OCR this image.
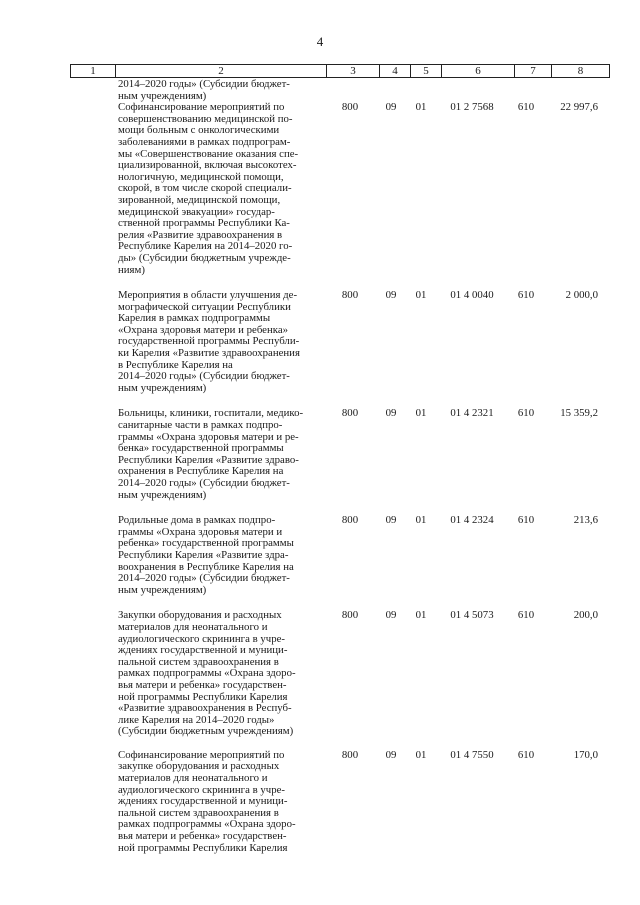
4
1	2	3	4	5	6	7	8
2014–2020 годы» (Субсидии бюджет-
ным учреждениям)
Софинансирование мероприятий по
совершенствованию медицинской по-
мощи больным с онкологическими
заболеваниями в рамках подпрограм-
мы «Совершенствование оказания спе-
циализированной, включая высокотех-
нологичную, медицинской помощи,
скорой, в том числе скорой специали-
зированной, медицинской помощи,
медицинской эвакуации» государ-
ственной программы Республики Ка-
релия «Развитие здравоохранения в
Республике Карелия на 2014–2020 го-
ды» (Субсидии бюджетным учрежде-
ниям)
800	09	01	01 2 7568	610	22 997,6
Мероприятия в области улучшения де-
мографической ситуации Республики
Карелия в рамках подпрограммы
«Охрана здоровья матери и ребенка»
государственной программы Республи-
ки Карелия «Развитие здравоохранения
в Республике Карелия на
2014–2020 годы» (Субсидии бюджет-
ным учреждениям)
800	09	01	01 4 0040	610	2 000,0
Больницы, клиники, госпитали, медико-
санитарные части в рамках подпро-
граммы «Охрана здоровья матери и ре-
бенка» государственной программы
Республики Карелия «Развитие здраво-
охранения в Республике Карелия на
2014–2020 годы» (Субсидии бюджет-
ным учреждениям)
800	09	01	01 4 2321	610	15 359,2
Родильные дома в рамках подпро-
граммы «Охрана здоровья матери и
ребенка» государственной программы
Республики Карелия «Развитие здра-
воохранения в Республике Карелия на
2014–2020 годы» (Субсидии бюджет-
ным учреждениям)
800	09	01	01 4 2324	610	213,6
Закупки оборудования и расходных
материалов для неонатального и
аудиологического скрининга в учре-
ждениях государственной и муници-
пальной систем здравоохранения в
рамках подпрограммы «Охрана здоро-
вья матери и ребенка» государствен-
ной программы Республики Карелия
«Развитие здравоохранения в Респуб-
лике Карелия на 2014–2020 годы»
(Субсидии бюджетным учреждениям)
800	09	01	01 4 5073	610	200,0
Софинансирование мероприятий по
закупке оборудования и расходных
материалов для неонатального и
аудиологического скрининга в учре-
ждениях государственной и муници-
пальной систем здравоохранения в
рамках подпрограммы «Охрана здоро-
вья матери и ребенка» государствен-
ной программы Республики Карелия
800	09	01	01 4 7550	610	170,0
